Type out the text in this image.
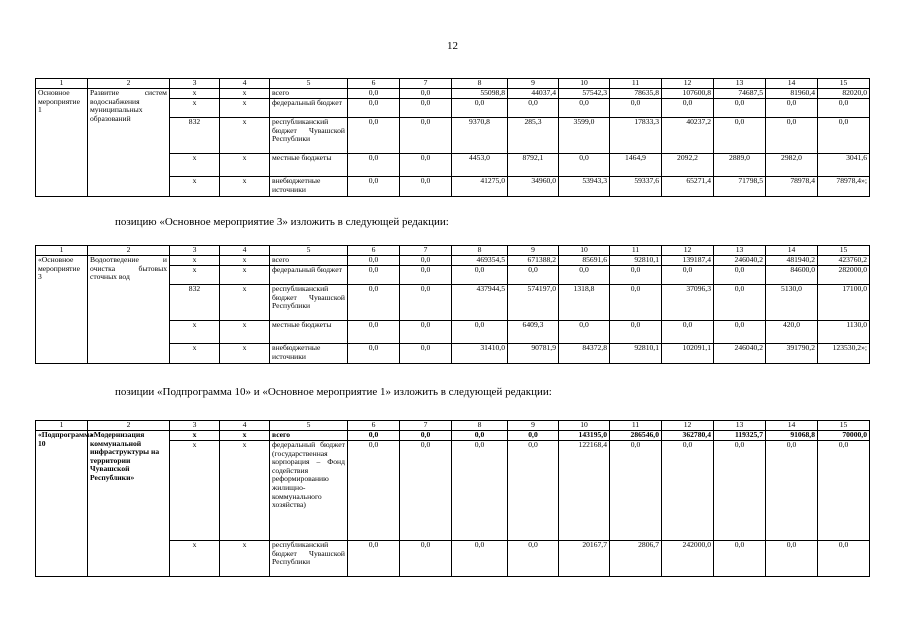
12
1	2	3	4	5	6	7	8	9	10	11	12	13	14	15
Основное мероприятие 1	Развитие систем водоснабжения муниципальных образований	x	x	всего	0,0	0,0	55098,8	44037,4	57542,3	78635,8	107600,8	74687,5	81960,4	82020,0
		x	x	федеральный бюджет	0,0	0,0	0,0	0,0	0,0	0,0	0,0	0,0	0,0	0,0
		832	x	республиканский бюджет Чувашской Республики	0,0	0,0	9370,8	285,3	3599,0	17833,3	40237,2	0,0	0,0	0,0
		x	x	местные бюджеты	0,0	0,0	4453,0	8792,1	0,0	1464,9	2092,2	2889,0	2982,0	3041,6
		x	x	внебюджетные источники	0,0	0,0	41275,0	34960,0	53943,3	59337,6	65271,4	71798,5	78978,4	78978,4»;
позицию «Основное мероприятие 3» изложить в следующей редакции:
1	2	3	4	5	6	7	8	9	10	11	12	13	14	15
«Основное мероприятие 3	Водоотведение и очистка бытовых сточных вод	x	x	всего	0,0	0,0	469354,5	671388,2	85691,6	92810,1	139187,4	246040,2	481940,2	423760,2
		x	x	федеральный бюджет	0,0	0,0	0,0	0,0	0,0	0,0	0,0	0,0	84600,0	282000,0
		832	x	республиканский бюджет Чувашской Республики	0,0	0,0	437944,5	574197,0	1318,8	0,0	37096,3	0,0	5130,0	17100,0
		x	x	местные бюджеты	0,0	0,0	0,0	6409,3	0,0	0,0	0,0	0,0	420,0	1130,0
		x	x	внебюджетные источники	0,0	0,0	31410,0	90781,9	84372,8	92810,1	102091,1	246040,2	391790,2	123530,2»;
позиции «Подпрограмма 10» и «Основное мероприятие 1» изложить в следующей редакции:
1	2	3	4	5	6	7	8	9	10	11	12	13	14	15
«Подпрограмма 10	«Модернизация коммунальной инфраструктуры на территории Чувашской Республики»	x	x	всего	0,0	0,0	0,0	0,0	143195,0	286546,0	362780,4	119325,7	91068,8	70000,0
		x	x	федеральный бюджет (государственная корпорация – Фонд содействия реформированию жилищно-коммунального хозяйства)	0,0	0,0	0,0	0,0	122168,4	0,0	0,0	0,0	0,0	0,0
		x	x	республиканский бюджет Чувашской Республики	0,0	0,0	0,0	0,0	20167,7	2806,7	242000,0	0,0	0,0	0,0
